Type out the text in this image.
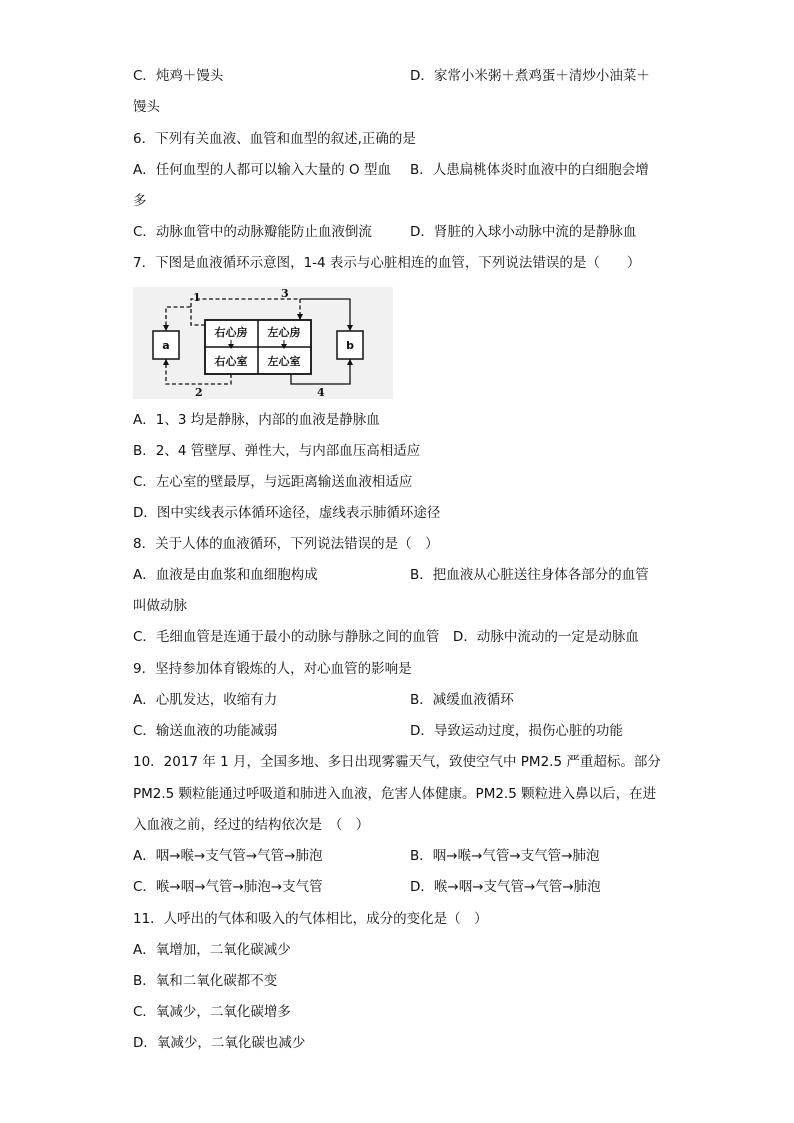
C．炖鸡＋馒头	D．家常小米粥＋煮鸡蛋＋清炒小油菜＋
馒头
6．下列有关血液、血管和血型的叙述,正确的是
A．任何血型的人都可以输入大量的 O 型血 B．人患扁桃体炎时血液中的白细胞会增
多
C．动脉血管中的动脉瓣能防止血液倒流	D．肾脏的入球小动脉中流的是静脉血
7．下图是血液循环示意图，1-4 表示与心脏相连的血管，下列说法错误的是（　　）
a	b
右心房 左心房
右心室 左心室
1	3
2	4
A．1、3 均是静脉，内部的血液是静脉血
B．2、4 管壁厚、弹性大，与内部血压高相适应
C．左心室的壁最厚，与远距离输送血液相适应
D．图中实线表示体循环途径，虚线表示肺循环途径
8．关于人体的血液循环，下列说法错误的是（　）
A．血液是由血浆和血细胞构成	B．把血液从心脏送往身体各部分的血管
叫做动脉
C．毛细血管是连通于最小的动脉与静脉之间的血管　D．动脉中流动的一定是动脉血
9．坚持参加体育锻炼的人，对心血管的影响是
A．心肌发达，收缩有力	B．减缓血液循环
C．输送血液的功能减弱	D．导致运动过度，损伤心脏的功能
10．2017 年 1 月，全国多地、多日出现雾霾天气，致使空气中 PM2.5 严重超标。部分
PM2.5 颗粒能通过呼吸道和肺进入血液，危害人体健康。PM2.5 颗粒进入鼻以后，在进
入血液之前，经过的结构依次是　（　）
A．咽→喉→支气管→气管→肺泡	B．咽→喉→气管→支气管→肺泡
C．喉→咽→气管→肺泡→支气管	D．喉→咽→支气管→气管→肺泡
11．人呼出的气体和吸入的气体相比，成分的变化是（　）
A．氧增加，二氧化碳减少
B．氧和二氧化碳都不变
C．氧减少，二氧化碳增多
D．氧减少，二氧化碳也减少
